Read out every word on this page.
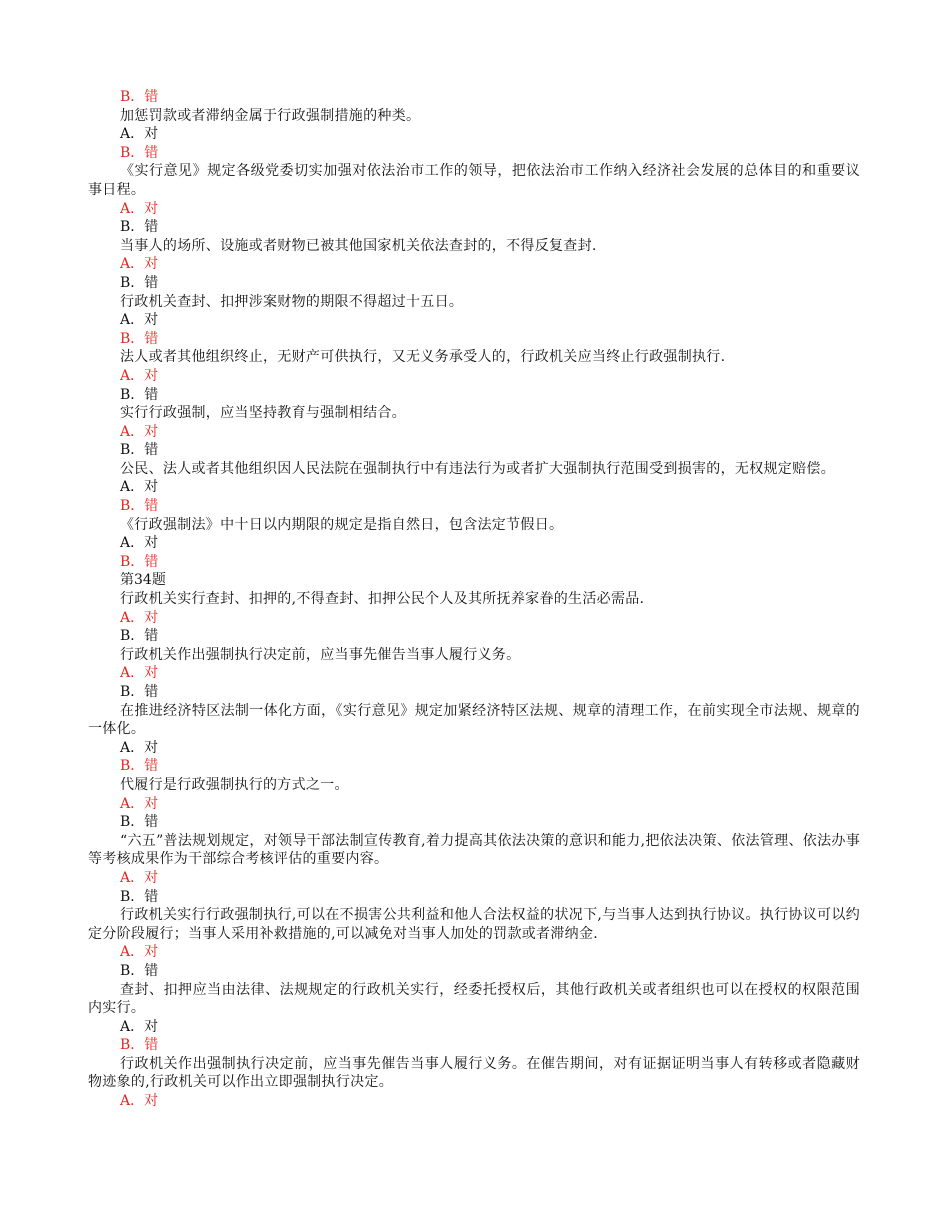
B．错

加惩罚款或者滞纳金属于行政强制措施的种类。

A．对

B．错

《实行意见》规定各级党委切实加强对依法治市工作的领导，把依法治市工作纳入经济社会发展的总体目的和重要议事日程。

A．对

B．错

当事人的场所、设施或者财物已被其他国家机关依法查封的，不得反复查封.

A．对

B．错

行政机关查封、扣押涉案财物的期限不得超过十五日。

A．对

B．错

法人或者其他组织终止，无财产可供执行，又无义务承受人的，行政机关应当终止行政强制执行.

A．对

B．错

实行行政强制，应当坚持教育与强制相结合。

A．对

B．错

公民、法人或者其他组织因人民法院在强制执行中有违法行为或者扩大强制执行范围受到损害的，无权规定赔偿。

A．对

B．错

《行政强制法》中十日以内期限的规定是指自然日，包含法定节假日。

A．对

B．错

第34题

行政机关实行查封、扣押的,不得查封、扣押公民个人及其所抚养家眷的生活必需品.

A．对

B．错

行政机关作出强制执行决定前，应当事先催告当事人履行义务。

A．对

B．错

在推进经济特区法制一体化方面，《实行意见》规定加紧经济特区法规、规章的清理工作，在前实现全市法规、规章的一体化。

A．对

B．错

代履行是行政强制执行的方式之一。

A．对

B．错

“六五”普法规划规定，对领导干部法制宣传教育,着力提高其依法决策的意识和能力,把依法决策、依法管理、依法办事等考核成果作为干部综合考核评估的重要内容。

A．对

B．错

行政机关实行行政强制执行,可以在不损害公共利益和他人合法权益的状况下,与当事人达到执行协议。执行协议可以约定分阶段履行；当事人采用补救措施的,可以减免对当事人加处的罚款或者滞纳金.

A．对

B．错

查封、扣押应当由法律、法规规定的行政机关实行，经委托授权后，其他行政机关或者组织也可以在授权的权限范围内实行。

A．对

B．错

行政机关作出强制执行决定前，应当事先催告当事人履行义务。在催告期间，对有证据证明当事人有转移或者隐藏财物迹象的,行政机关可以作出立即强制执行决定。

A．对
